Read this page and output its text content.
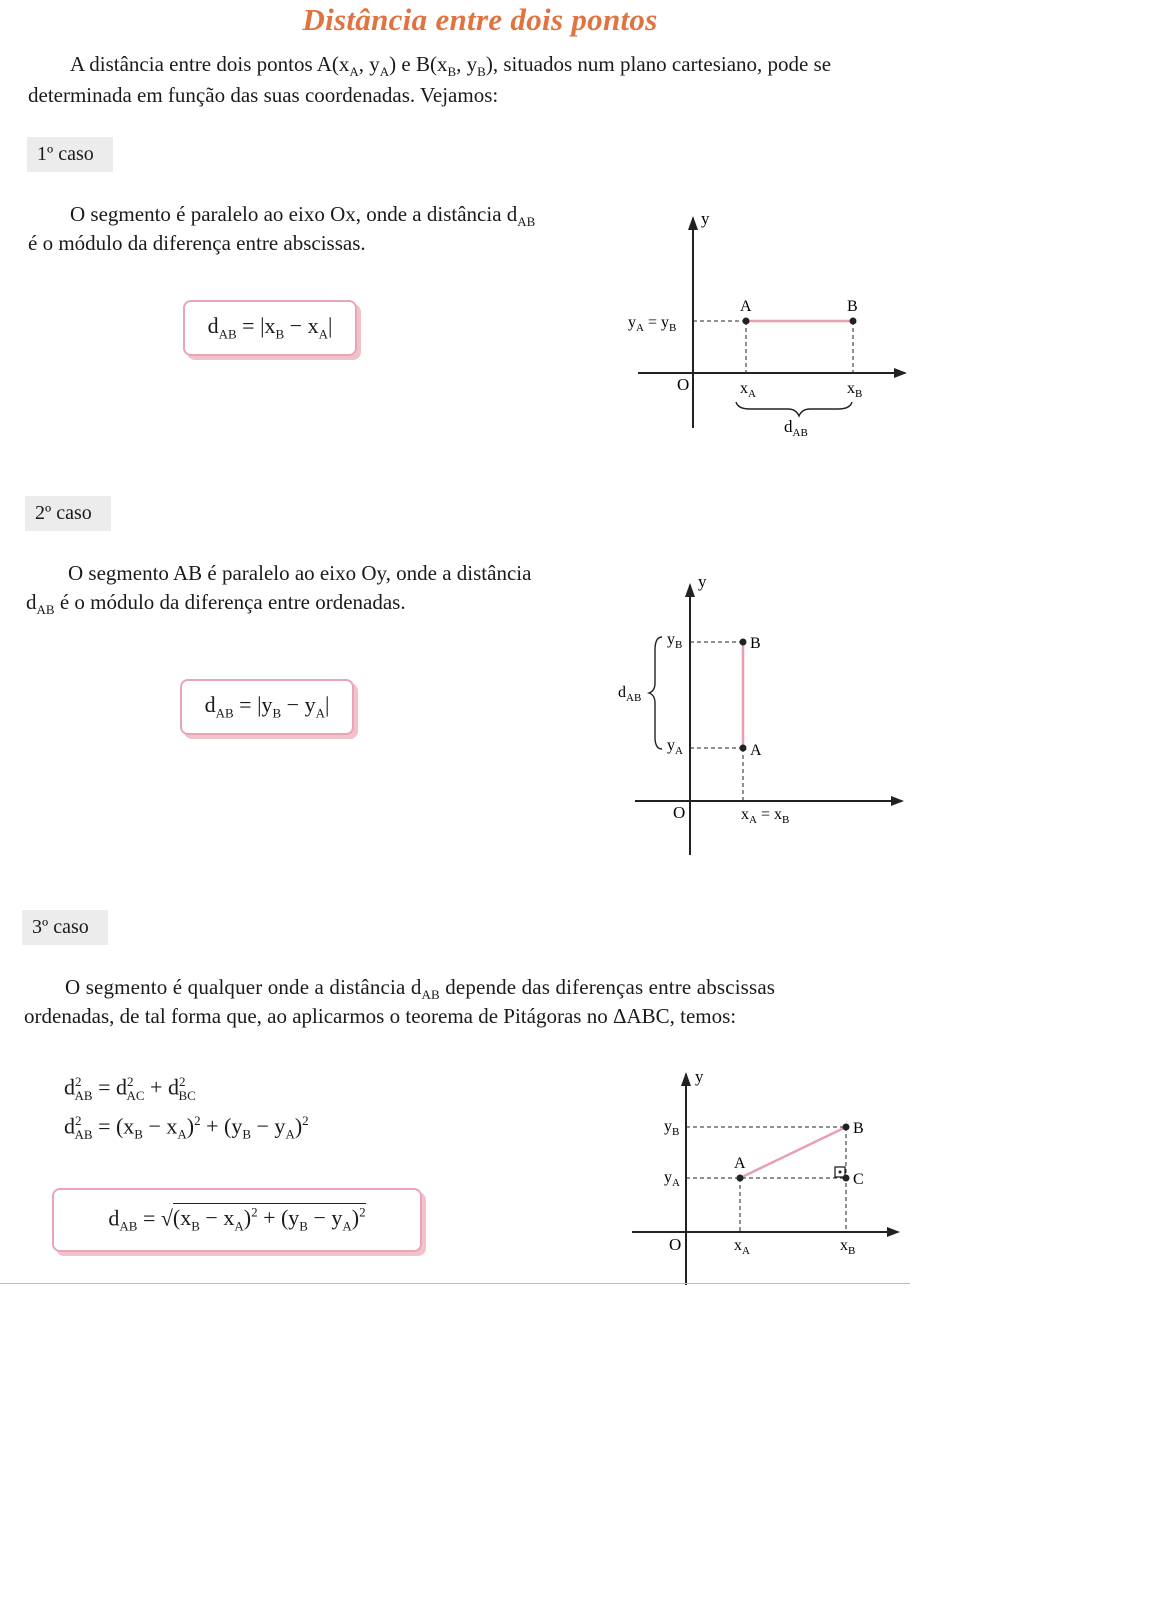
Distância entre dois pontos
A distância entre dois pontos $A(x_A$, $y_A$) e $B(x_B$, $y_B$), situados num plano cartesiano, pode se
determinada em função das suas coordenadas. Vejamos:
1º caso
O segmento é paralelo ao eixo Ox, onde a distância $d_{AB}$
é o módulo da diferença entre abscissas.
$d_{AB} = |x_B - x_A|$
y
O
A	B
$y_A = y_B$
$x_A$	$x_B$
$d_{AB}$
2º caso
O segmento AB é paralelo ao eixo Oy, onde a distância
$d_{AB}$ é o módulo da diferença entre ordenadas.
$d_{AB} = |y_B - y_A|$
y
O
B
A
$y_B$
$y_A$
$d_{AB}$
$x_A = x_B$
3º caso
O segmento é qualquer onde a distância $d_{AB}$ depende das diferenças entre abscissas
ordenadas, de tal forma que, ao aplicarmos o teorema de Pitágoras no ΔABC, temos:
$d^2_{AB} = d^2_{AC} + d^2_{BC}$
$d^2_{AB} = (x_B - x_A)^2 + (y_B - y_A)^2$
$d_{AB} = √(x_B - x_A)^2 + (y_B - y_A)^2$
y
O
A
B
C
$y_B$
$y_A$
$x_A$	$x_B$
